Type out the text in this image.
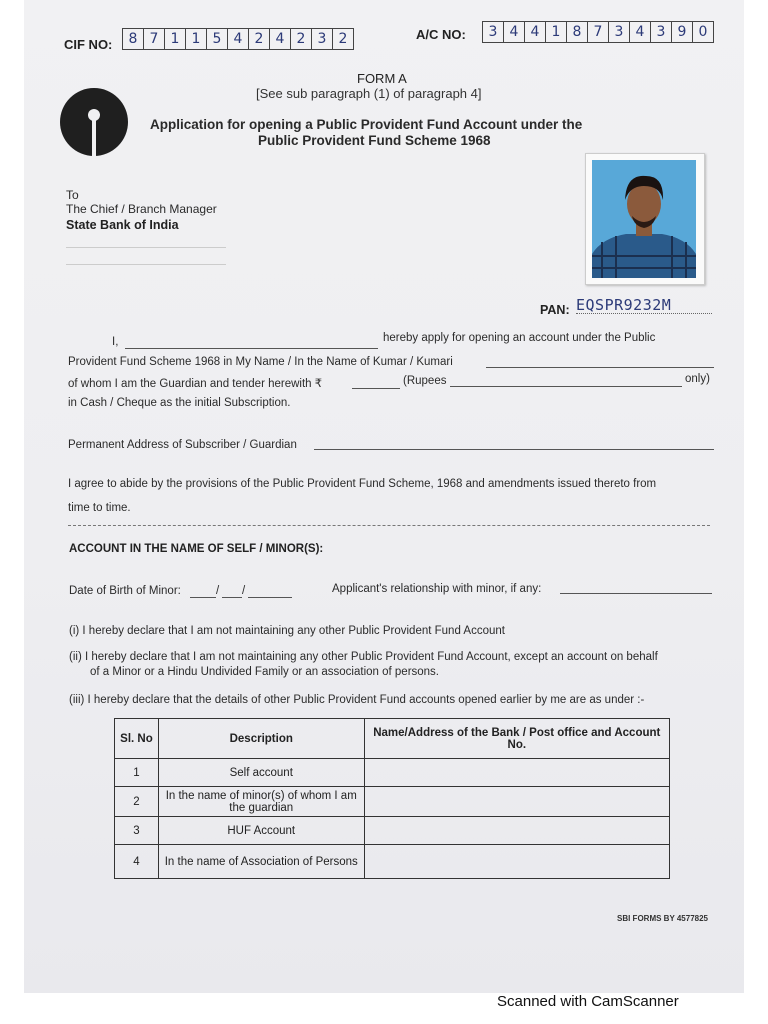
CIF NO:	8 7 1 1 5 4 2 4 2 3 2	A/C NO:	3 4 4 1 8 7 3 4 3 9 0
FORM A
[See sub paragraph (1) of paragraph 4]
Application for opening a Public Provident Fund Account under the
Public Provident Fund Scheme 1968
To
The Chief / Branch Manager
State Bank of India
PAN: EQSPR9232M
I,	hereby apply for opening an account under the Public
Provident Fund Scheme 1968 in My Name / In the Name of Kumar / Kumari
of whom I am the Guardian and tender herewith ₹	(Rupees	only)
in Cash / Cheque as the initial Subscription.
Permanent Address of Subscriber / Guardian
I agree to abide by the provisions of the Public Provident Fund Scheme, 1968 and amendments issued thereto from
time to time.
ACCOUNT IN THE NAME OF SELF / MINOR(S):
Date of Birth of Minor:	/ /	Applicant's relationship with minor, if any:
(i) I hereby declare that I am not maintaining any other Public Provident Fund Account
(ii) I hereby declare that I am not maintaining any other Public Provident Fund Account, except an account on behalf
of a Minor or a Hindu Undivided Family or an association of persons.
(iii) I hereby declare that the details of other Public Provident Fund accounts opened earlier by me are as under :-
Sl. No	Description	Name/Address of the Bank / Post office and Account No.
1	Self account	
2	In the name of minor(s) of whom I am the guardian	
3	HUF Account	
4	In the name of Association of Persons	
SBI FORMS BY 4577825
Scanned with CamScanner
